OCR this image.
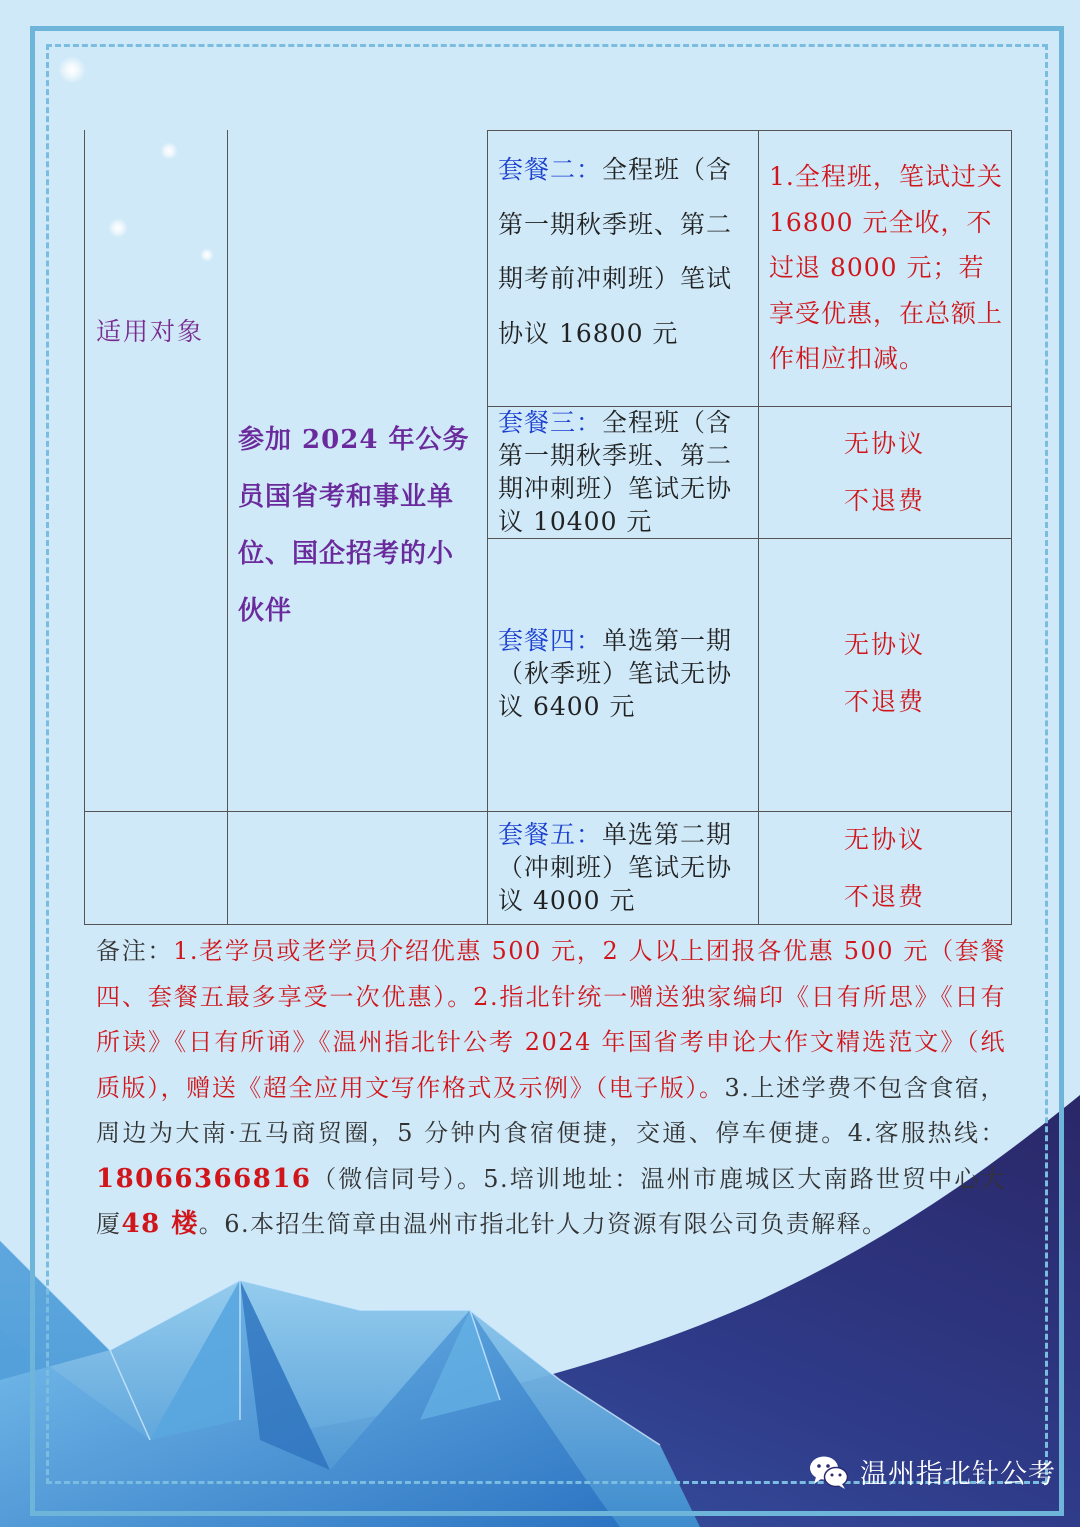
适用对象
参加 2024 年公务员国省考和事业单位、国企招考的小伙伴
套餐二：全程班（含第一期秋季班、第二期考前冲刺班）笔试协议 16800 元
1.全程班，笔试过关 16800 元全收，不过退 8000 元；若享受优惠，在总额上作相应扣减。
套餐三：全程班（含第一期秋季班、第二期冲刺班）笔试无协议 10400 元
无协议
不退费
套餐四：单选第一期（秋季班）笔试无协议 6400 元
无协议
不退费
套餐五：单选第二期（冲刺班）笔试无协议 4000 元
无协议
不退费
备注：1.老学员或老学员介绍优惠 500 元，2 人以上团报各优惠 500 元（套餐四、套餐五最多享受一次优惠）。2.指北针统一赠送独家编印《日有所思》《日有所读》《日有所诵》《温州指北针公考 2024 年国省考申论大作文精选范文》（纸质版），赠送《超全应用文写作格式及示例》（电子版）。3.上述学费不包含食宿，周边为大南·五马商贸圈，5 分钟内食宿便捷，交通、停车便捷。4.客服热线：18066366816（微信同号）。5.培训地址：温州市鹿城区大南路世贸中心大厦48 楼。6.本招生简章由温州市指北针人力资源有限公司负责解释。
温州指北针公考
